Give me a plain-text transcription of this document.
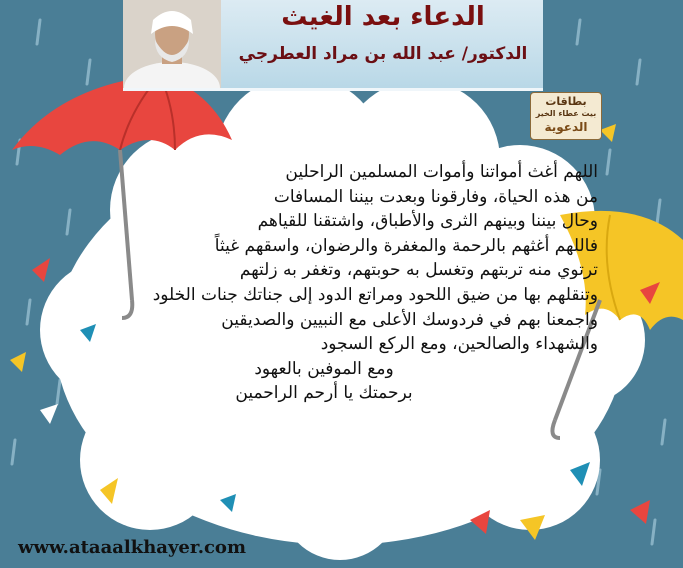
الدعاء بعد الغيث
الدكتور/ عبد الله بن مراد العطرجي
بطاقات
بيت عطاء الخير
الدعوية
اللهم أغث أمواتنا وأموات المسلمين الراحلين
من هذه الحياة، وفارقونا وبعدت بيننا المسافات
وحال بيننا وبينهم الثرى والأطباق، واشتقنا للقياهم
فاللهم أغثهم بالرحمة والمغفرة والرضوان، واسقهم غيثاً
ترتوي منه تربتهم وتغسل به حوبتهم، وتغفر به زلتهم
وتنقلهم بها من ضيق اللحود ومراتع الدود إلى جناتك جنات الخلود
واجمعنا بهم في فردوسك الأعلى مع النبيين والصديقين
والشهداء والصالحين، ومع الركع السجود
ومع الموفين بالعهود
برحمتك يا أرحم الراحمين
www.ataaalkhayer.com
